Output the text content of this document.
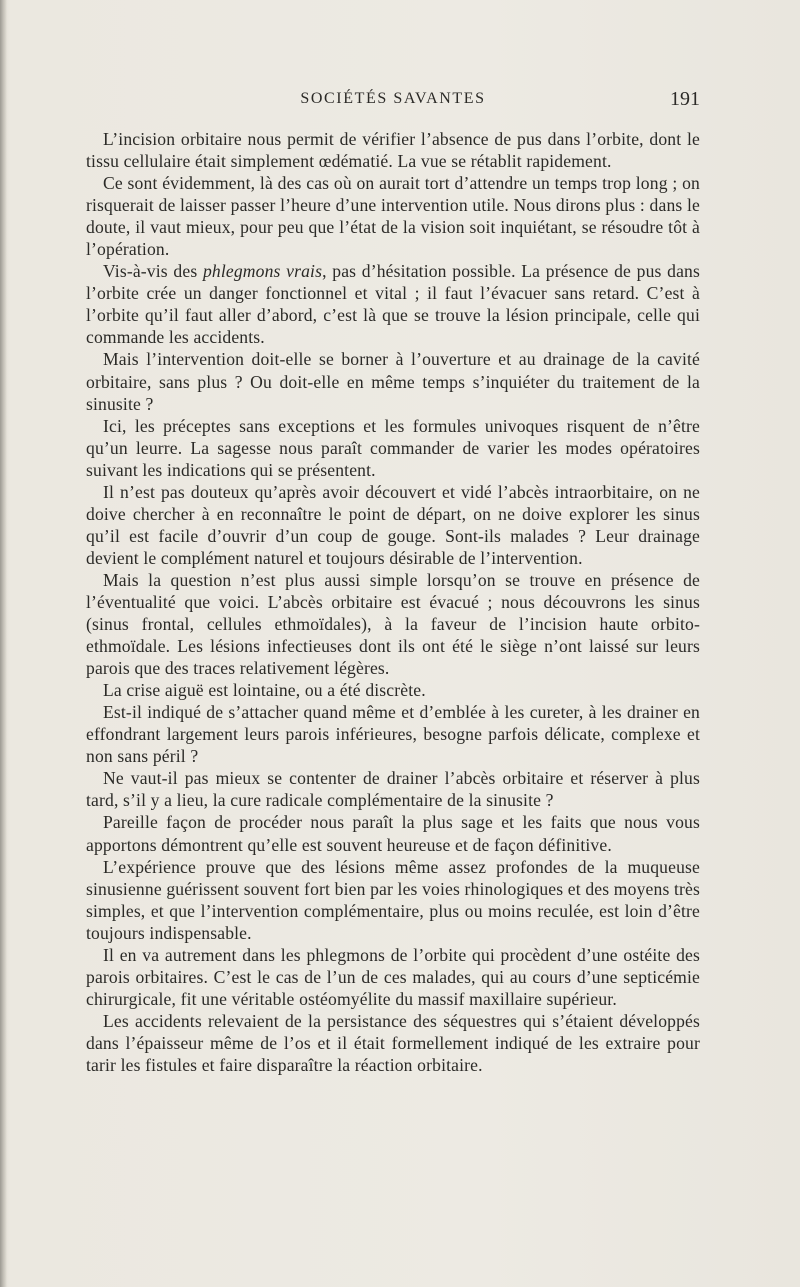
SOCIÉTÉS SAVANTES	191

L’incision orbitaire nous permit de vérifier l’absence de pus dans l’orbite, dont le tissu cellulaire était simplement œdématié. La vue se rétablit rapidement.

Ce sont évidemment, là des cas où on aurait tort d’attendre un temps trop long ; on risquerait de laisser passer l’heure d’une intervention utile. Nous dirons plus : dans le doute, il vaut mieux, pour peu que l’état de la vision soit inquiétant, se résoudre tôt à l’opération.

Vis-à-vis des phlegmons vrais, pas d’hésitation possible. La présence de pus dans l’orbite crée un danger fonctionnel et vital ; il faut l’évacuer sans retard. C’est à l’orbite qu’il faut aller d’abord, c’est là que se trouve la lésion principale, celle qui commande les accidents.

Mais l’intervention doit-elle se borner à l’ouverture et au drainage de la cavité orbitaire, sans plus ? Ou doit-elle en même temps s’inquiéter du traitement de la sinusite ?

Ici, les préceptes sans exceptions et les formules univoques risquent de n’être qu’un leurre. La sagesse nous paraît commander de varier les modes opératoires suivant les indications qui se présentent.

Il n’est pas douteux qu’après avoir découvert et vidé l’abcès intraorbitaire, on ne doive chercher à en reconnaître le point de départ, on ne doive explorer les sinus qu’il est facile d’ouvrir d’un coup de gouge. Sont-ils malades ? Leur drainage devient le complément naturel et toujours désirable de l’intervention.

Mais la question n’est plus aussi simple lorsqu’on se trouve en présence de l’éventualité que voici. L’abcès orbitaire est évacué ; nous découvrons les sinus (sinus frontal, cellules ethmoïdales), à la faveur de l’incision haute orbito-ethmoïdale. Les lésions infectieuses dont ils ont été le siège n’ont laissé sur leurs parois que des traces relativement légères.

La crise aiguë est lointaine, ou a été discrète.

Est-il indiqué de s’attacher quand même et d’emblée à les cureter, à les drainer en effondrant largement leurs parois inférieures, besogne parfois délicate, complexe et non sans péril ?

Ne vaut-il pas mieux se contenter de drainer l’abcès orbitaire et réserver à plus tard, s’il y a lieu, la cure radicale complémentaire de la sinusite ?

Pareille façon de procéder nous paraît la plus sage et les faits que nous vous apportons démontrent qu’elle est souvent heureuse et de façon définitive.

L’expérience prouve que des lésions même assez profondes de la muqueuse sinusienne guérissent souvent fort bien par les voies rhinologiques et des moyens très simples, et que l’intervention complémentaire, plus ou moins reculée, est loin d’être toujours indispensable.

Il en va autrement dans les phlegmons de l’orbite qui procèdent d’une ostéite des parois orbitaires. C’est le cas de l’un de ces malades, qui au cours d’une septicémie chirurgicale, fit une véritable ostéomyélite du massif maxillaire supérieur.

Les accidents relevaient de la persistance des séquestres qui s’étaient développés dans l’épaisseur même de l’os et il était formellement indiqué de les extraire pour tarir les fistules et faire disparaître la réaction orbitaire.
